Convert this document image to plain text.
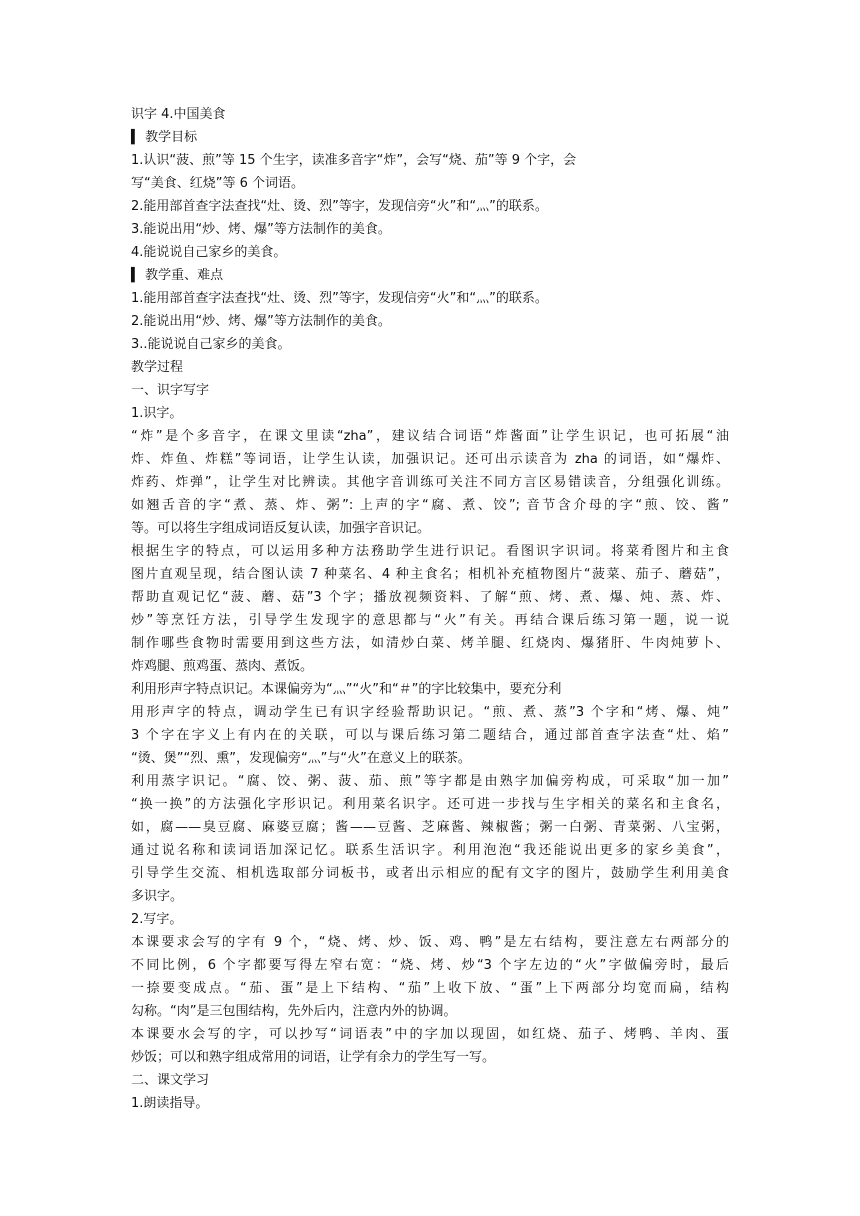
识字 4.中国美食
▍ 教学目标
1.认识“菠、煎”等 15 个生字，读准多音字“炸”，会写“烧、茄”等 9 个字，会
写“美食、红烧”等 6 个词语。
2.能用部首查字法查找“灶、烫、烈”等字，发现信旁“火”和“灬”的联系。
3.能说出用“炒、烤、爆”等方法制作的美食。
4.能说说自己家乡的美食。
▍ 教学重、难点
1.能用部首查字法查找“灶、烫、烈”等字，发现信旁“火”和“灬”的联系。
2.能说出用“炒、烤、爆”等方法制作的美食。
3..能说说自己家乡的美食。
教学过程
一、识字写字
1.识字。
“炸”是个多音字，在课文里读“zha”，建议结合词语“炸酱面”让学生识记，也可拓展“油
炸、炸鱼、炸糕”等词语，让学生认读，加强识记。还可出示读音为 zha 的词语，如“爆炸、
炸药、炸弹”，让学生对比辨读。其他字音训练可关注不同方言区易错读音，分组强化训练。
如翘舌音的字“煮、蒸、炸、粥”: 上声的字“腐、煮、饺”; 音节含介母的字“煎、饺、酱”
等。可以将生字组成词语反复认读，加强字音识记。
根据生字的特点，可以运用多种方法務助学生进行识记。看图识字识词。将菜肴图片和主食
图片直观呈现，结合图认读 7 种菜名、4 种主食名；相机补充植物图片“菠菜、茄子、蘑菇”，
帮助直观记忆“菠、蘑、菇”3 个字；播放视频资料、了解“煎、烤、煮、爆、炖、蒸、炸、
炒”等烹饪方法，引导学生发现字的意思都与“火”有关。再结合课后练习第一题，说一说
制作哪些食物时需要用到这些方法，如清炒白菜、烤羊腿、红烧肉、爆猪肝、牛肉炖萝卜、
炸鸡腿、煎鸡蛋、蒸肉、煮饭。
利用形声字特点识记。本课偏旁为“灬”“火”和“＃”的字比较集中，要充分利
用形声字的特点，调动学生已有识字经验帮助识记。“煎、煮、蒸”3 个字和“烤、爆、炖”
3 个字在字义上有内在的关联，可以与课后练习第二题结合，通过部首查字法查“灶、焰”
“烫、煲”“烈、熏”，发现偏旁“灬”与“火”在意义上的联茶。
利用蒸字识记。“腐、饺、粥、菠、茄、煎”等字都是由熟字加偏旁构成，可采取“加一加”
“换一换”的方法强化字形识记。利用菜名识字。还可进一步找与生字相关的菜名和主食名，
如，腐——臭豆腐、麻婆豆腐；酱——豆酱、芝麻酱、辣椒酱；粥一白粥、青菜粥、八宝粥，
通过说名称和读词语加深记忆。联系生活识字。利用泡泡“我还能说出更多的家乡美食”，
引导学生交流、相机选取部分词板书，或者出示相应的配有文字的图片，鼓励学生利用美食
多识字。
2.写字。
本课要求会写的字有 9 个，“烧、烤、炒、饭、鸡、鸭”是左右结构，要注意左右两部分的
不同比例，6 个字都要写得左窄右宽：“烧、烤、炒“3 个字左边的“火”字做偏旁时，最后
一捺要变成点。“茄、蛋”是上下结构、“茄”上收下放、“蛋”上下两部分均宽而扁，结构
勾称。“肉”是三包围结构，先外后内，注意内外的协调。
本课要水会写的字，可以抄写“词语表”中的字加以现固，如红烧、茄子、烤鸭、羊肉、蛋
炒饭；可以和熟字组成常用的词语，让学有余力的学生写一写。
二、课文学习
1.朗读指导。
